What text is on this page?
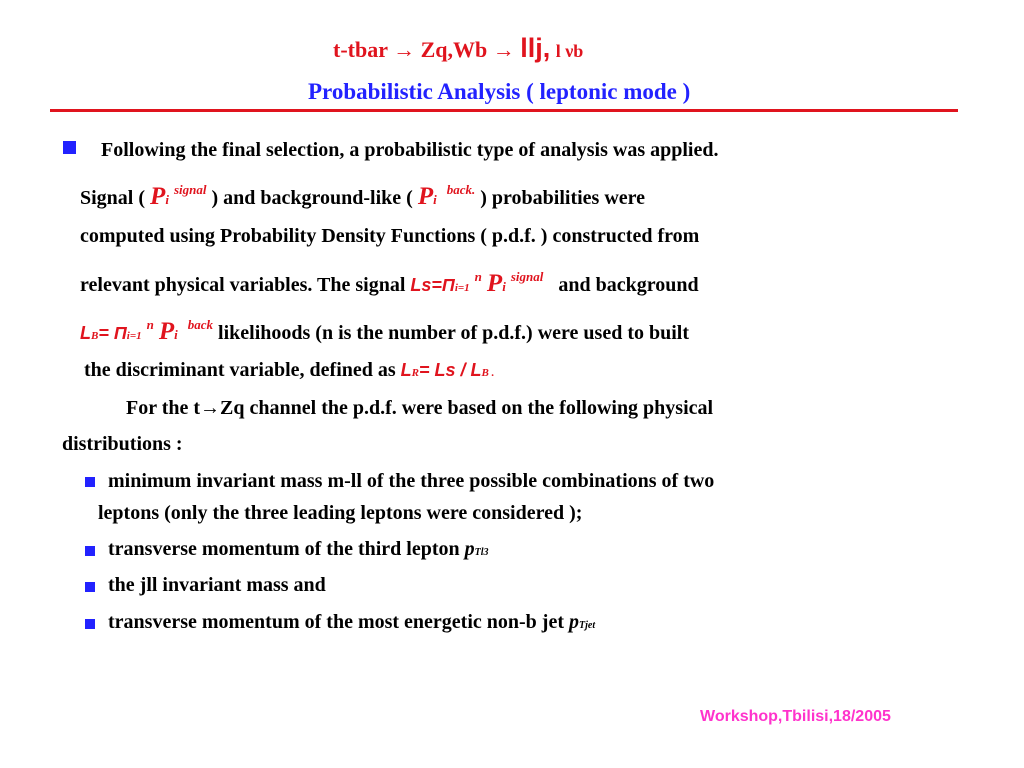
t-tbar → Zq,Wb → llj, l νb
Probabilistic Analysis ( leptonic mode )
Following the final selection, a probabilistic type of analysis was applied.
Signal ( Pi $^{signal}$ ) and background-like ( Pi  $^{back.}$ ) probabilities were
computed using Probability Density Functions ( p.d.f. ) constructed from
relevant physical variables. The signal Ls=Πi=1 $^n$ Pi $^{signal}$   and background
LB= Πi=1 $^n$ Pi  $^{back}$ likelihoods (n is the number of p.d.f.) were used to built
the discriminant variable, defined as LR= Ls / LB .
For the t→Zq channel the p.d.f. were based on the following physical
distributions :
minimum invariant mass m-ll of the three possible combinations of two
leptons (only the three leading leptons were considered );
transverse momentum of the third lepton pTl3
the jll invariant mass and
transverse momentum of the most energetic non-b jet pTjet
Workshop,Tbilisi,18/2005
